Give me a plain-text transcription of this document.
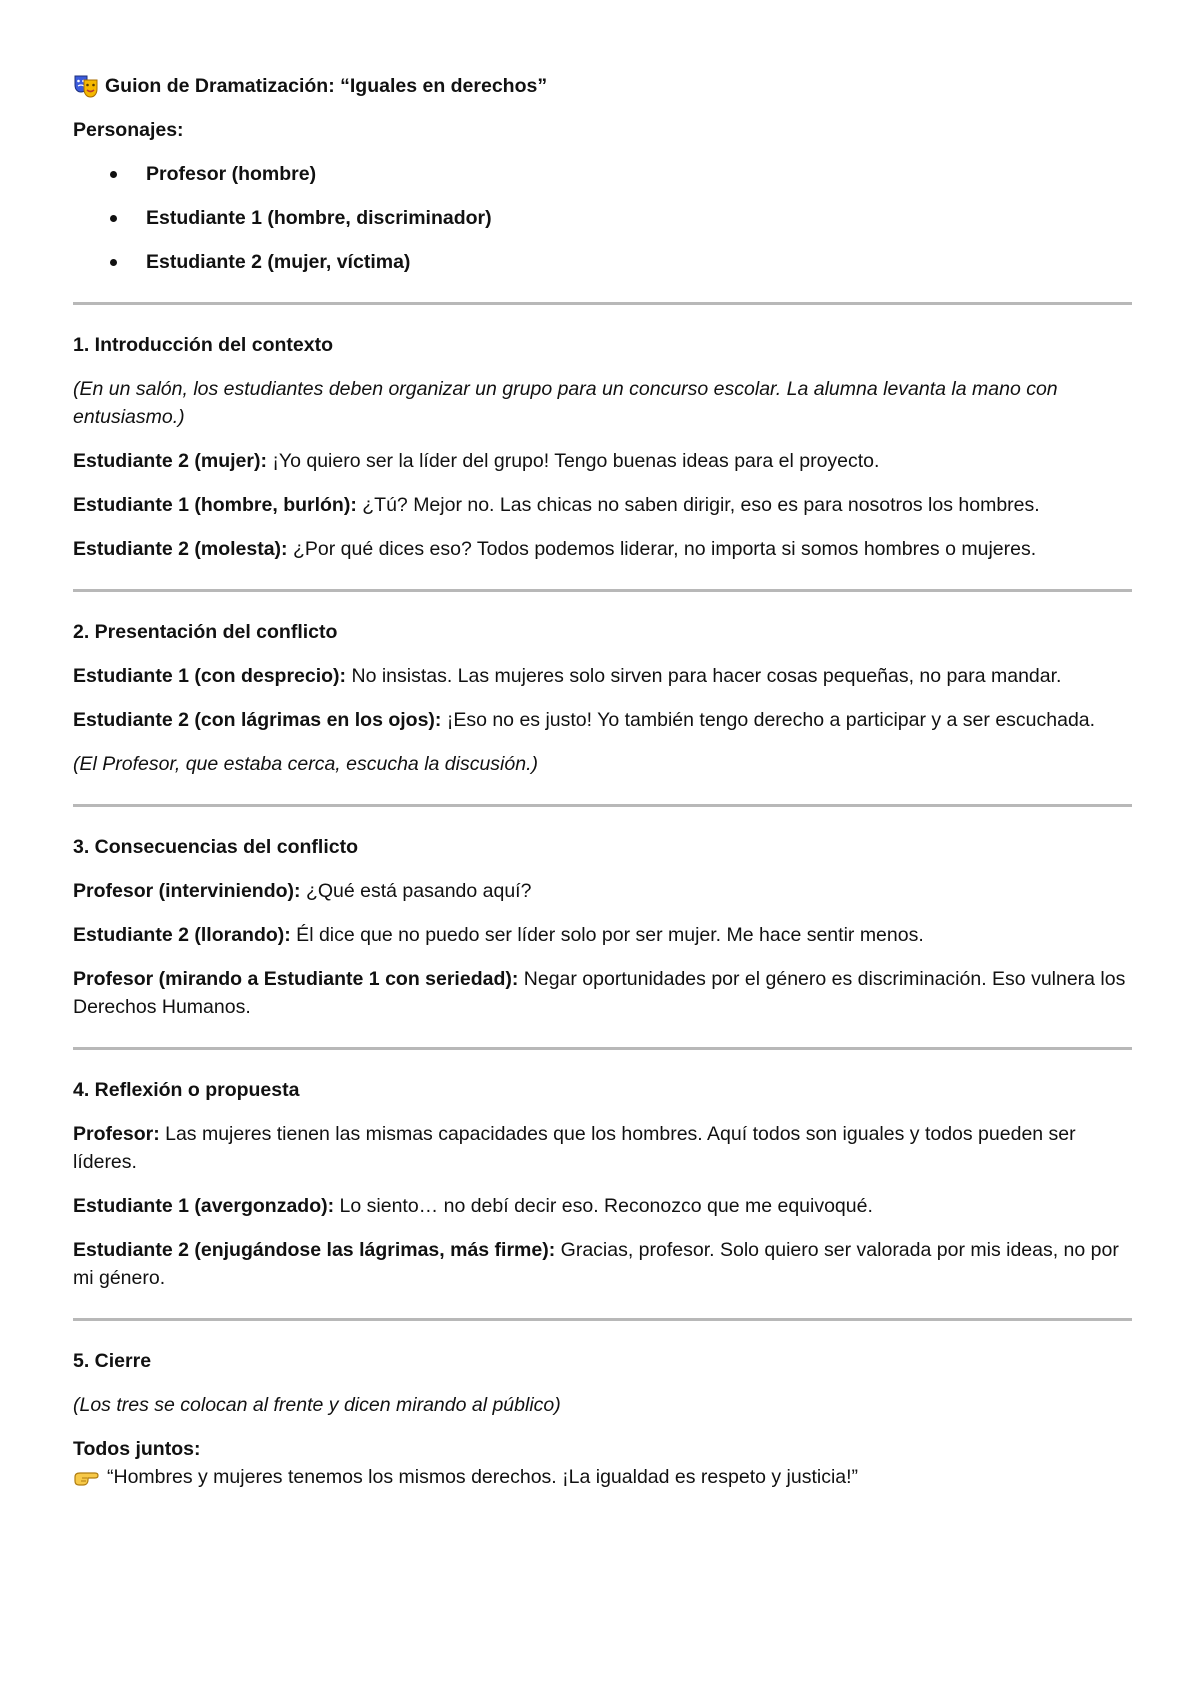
Guion de Dramatización: “Iguales en derechos”
Personajes:
Profesor (hombre)
Estudiante 1 (hombre, discriminador)
Estudiante 2 (mujer, víctima)
1. Introducción del contexto

(En un salón, los estudiantes deben organizar un grupo para un concurso escolar. La alumna levanta la mano con entusiasmo.)

Estudiante 2 (mujer): ¡Yo quiero ser la líder del grupo! Tengo buenas ideas para el proyecto.

Estudiante 1 (hombre, burlón): ¿Tú? Mejor no. Las chicas no saben dirigir, eso es para nosotros los hombres.

Estudiante 2 (molesta): ¿Por qué dices eso? Todos podemos liderar, no importa si somos hombres o mujeres.

2. Presentación del conflicto

Estudiante 1 (con desprecio): No insistas. Las mujeres solo sirven para hacer cosas pequeñas, no para mandar.

Estudiante 2 (con lágrimas en los ojos): ¡Eso no es justo! Yo también tengo derecho a participar y a ser escuchada.

(El Profesor, que estaba cerca, escucha la discusión.)

3. Consecuencias del conflicto

Profesor (interviniendo): ¿Qué está pasando aquí?

Estudiante 2 (llorando): Él dice que no puedo ser líder solo por ser mujer. Me hace sentir menos.

Profesor (mirando a Estudiante 1 con seriedad): Negar oportunidades por el género es discriminación. Eso vulnera los Derechos Humanos.

4. Reflexión o propuesta

Profesor: Las mujeres tienen las mismas capacidades que los hombres. Aquí todos son iguales y todos pueden ser líderes.

Estudiante 1 (avergonzado): Lo siento… no debí decir eso. Reconozco que me equivoqué.

Estudiante 2 (enjugándose las lágrimas, más firme): Gracias, profesor. Solo quiero ser valorada por mis ideas, no por mi género.

5. Cierre

(Los tres se colocan al frente y dicen mirando al público)

Todos juntos:
“Hombres y mujeres tenemos los mismos derechos. ¡La igualdad es respeto y justicia!”
